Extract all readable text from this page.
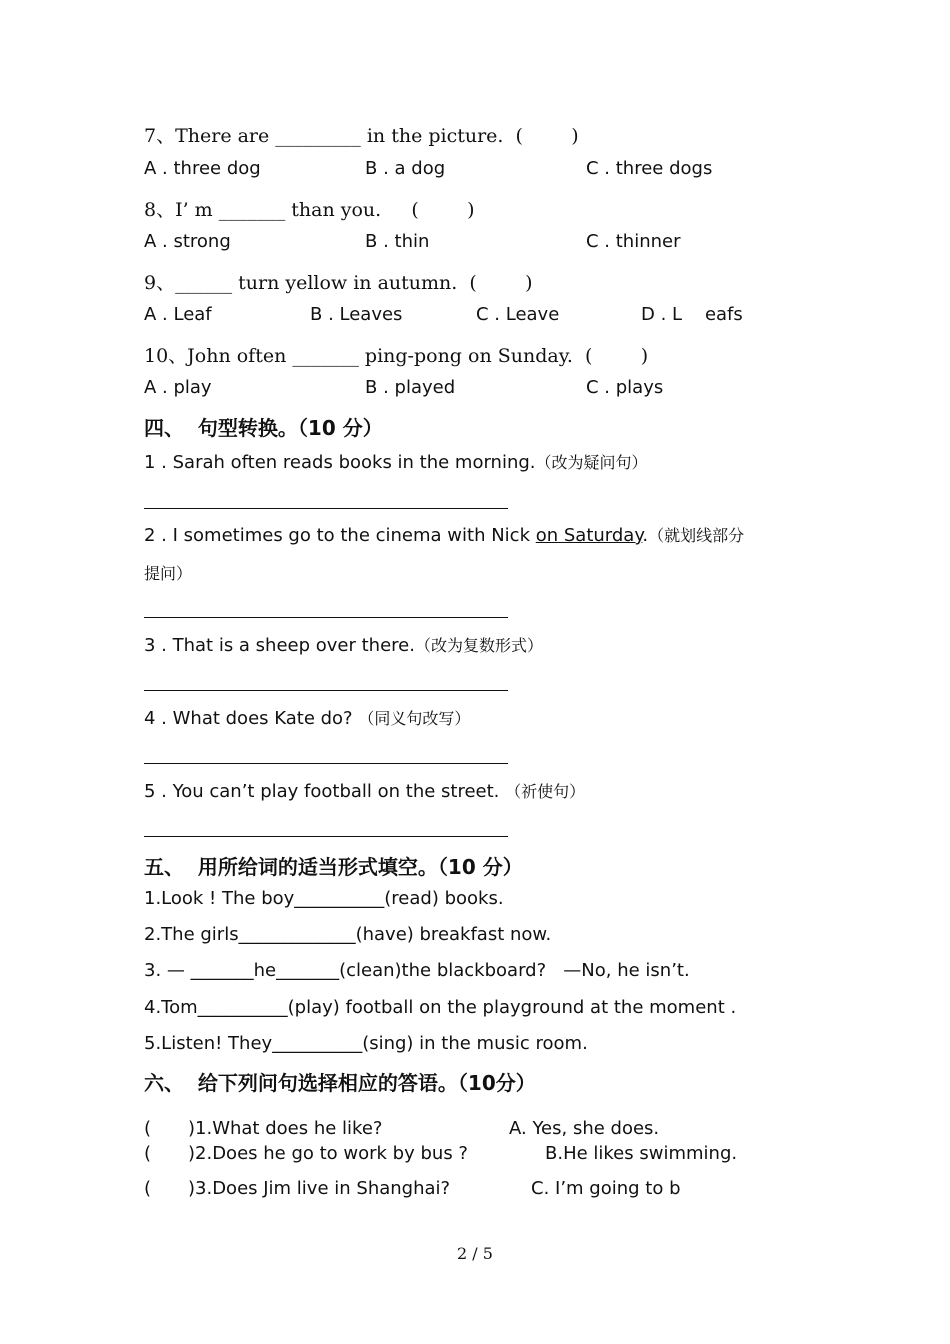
7、There are _________ in the picture.  (        )
A . three dog	B . a dog	C . three dogs
8、I’ m _______ than you.     (        )
A . strong	B . thin	C . thinner
9、______ turn yellow in autumn.  (        )
A . Leaf	B . Leaves	C . Leave	D . L    eafs
10、John often _______ ping-pong on Sunday.  (        )
A . play	B . played	C . plays
四、  句型转换。（10 分）
1 . Sarah often reads books in the morning.（改为疑问句）
2 . I sometimes go to the cinema with Nick on Saturday.（就划线部分
提问）
3 . That is a sheep over there.（改为复数形式）
4 . What does Kate do? （同义句改写）
5 . You can’t play football on the street. （祈使句）
五、  用所给词的适当形式填空。（10 分）
1.Look ! The boy__________(read) books.
2.The girls_____________(have) breakfast now.
3. — _______he_______(clean)the blackboard?   —No, he isn’t.
4.Tom__________(play) football on the playground at the moment .
5.Listen! They__________(sing) in the music room.
六、  给下列问句选择相应的答语。（10分）
( )1.What does he like?	A. Yes, she does.
( )2.Does he go to work by bus ?	B.He likes swimming.
( )3.Does Jim live in Shanghai?	C. I’m going to b
2 / 5
